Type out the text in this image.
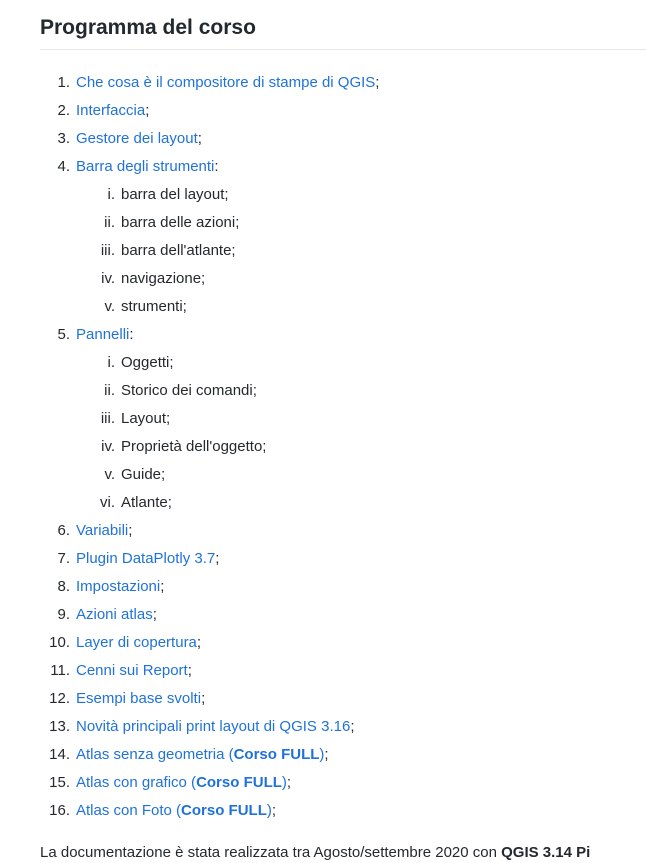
Programma del corso
1. Che cosa è il compositore di stampe di QGIS;
2. Interfaccia;
3. Gestore dei layout;
4. Barra degli strumenti:
i. barra del layout;
ii. barra delle azioni;
iii. barra dell'atlante;
iv. navigazione;
v. strumenti;
5. Pannelli:
i. Oggetti;
ii. Storico dei comandi;
iii. Layout;
iv. Proprietà dell'oggetto;
v. Guide;
vi. Atlante;
6. Variabili;
7. Plugin DataPlotly 3.7;
8. Impostazioni;
9. Azioni atlas;
10. Layer di copertura;
11. Cenni sui Report;
12. Esempi base svolti;
13. Novità principali print layout di QGIS 3.16;
14. Atlas senza geometria (Corso FULL);
15. Atlas con grafico (Corso FULL);
16. Atlas con Foto (Corso FULL);

La documentazione è stata realizzata tra Agosto/settembre 2020 con QGIS 3.14 Pi
